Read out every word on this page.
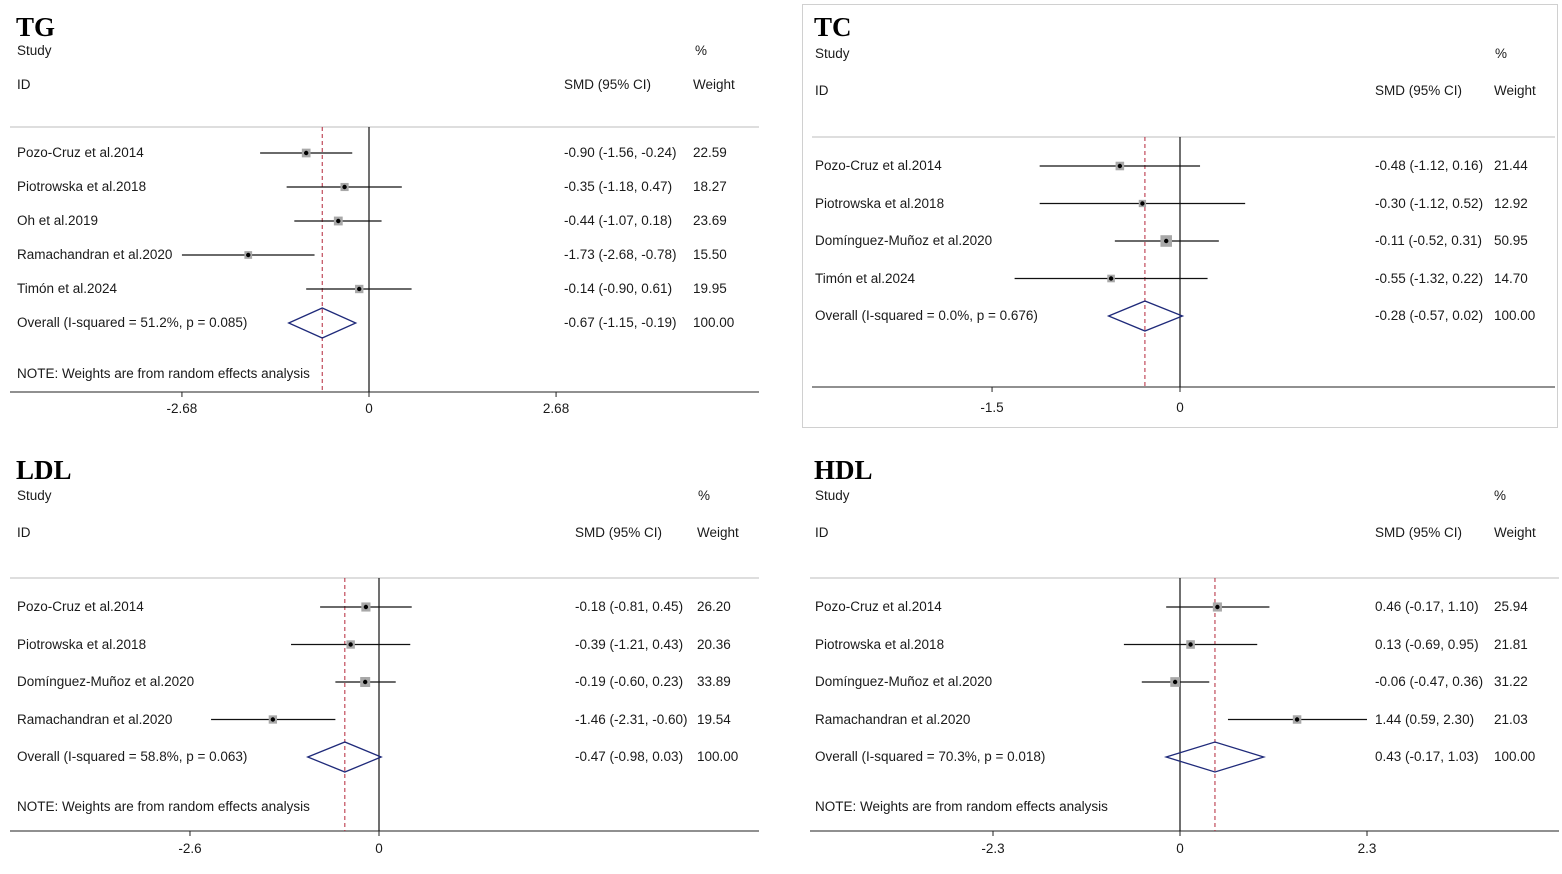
TG
Study
ID
%
SMD (95% CI)	Weight
-2.68	0	2.68
Pozo-Cruz et al.2014	-0.90 (-1.56, -0.24) 22.59
Piotrowska et al.2018	-0.35 (-1.18, 0.47) 18.27
Oh et al.2019	-0.44 (-1.07, 0.18) 23.69
Ramachandran et al.2020	-1.73 (-2.68, -0.78) 15.50
Timón et al.2024	-0.14 (-0.90, 0.61) 19.95
Overall (I-squared = 51.2%, p = 0.085)	-0.67 (-1.15, -0.19) 100.00
NOTE: Weights are from random effects analysis
TC
Study
ID
%
SMD (95% CI) Weight
-1.5	0
Pozo-Cruz et al.2014	-0.48 (-1.12, 0.16) 21.44
Piotrowska et al.2018	-0.30 (-1.12, 0.52) 12.92
Domínguez-Muñoz et al.2020	-0.11 (-0.52, 0.31) 50.95
Timón et al.2024	-0.55 (-1.32, 0.22) 14.70
Overall (I-squared = 0.0%, p = 0.676)	-0.28 (-0.57, 0.02) 100.00
LDL
Study
ID
%
SMD (95% CI)	Weight
-2.6	0
Pozo-Cruz et al.2014	-0.18 (-0.81, 0.45) 26.20
Piotrowska et al.2018	-0.39 (-1.21, 0.43) 20.36
Domínguez-Muñoz et al.2020	-0.19 (-0.60, 0.23) 33.89
Ramachandran et al.2020	-1.46 (-2.31, -0.60) 19.54
Overall (I-squared = 58.8%, p = 0.063)	-0.47 (-0.98, 0.03) 100.00
NOTE: Weights are from random effects analysis
HDL
Study
ID
%
SMD (95% CI) Weight
-2.3	0	2.3
Pozo-Cruz et al.2014	0.46 (-0.17, 1.10) 25.94
Piotrowska et al.2018	0.13 (-0.69, 0.95) 21.81
Domínguez-Muñoz et al.2020	-0.06 (-0.47, 0.36) 31.22
Ramachandran et al.2020	1.44 (0.59, 2.30) 21.03
Overall (I-squared = 70.3%, p = 0.018)	0.43 (-0.17, 1.03) 100.00
NOTE: Weights are from random effects analysis
